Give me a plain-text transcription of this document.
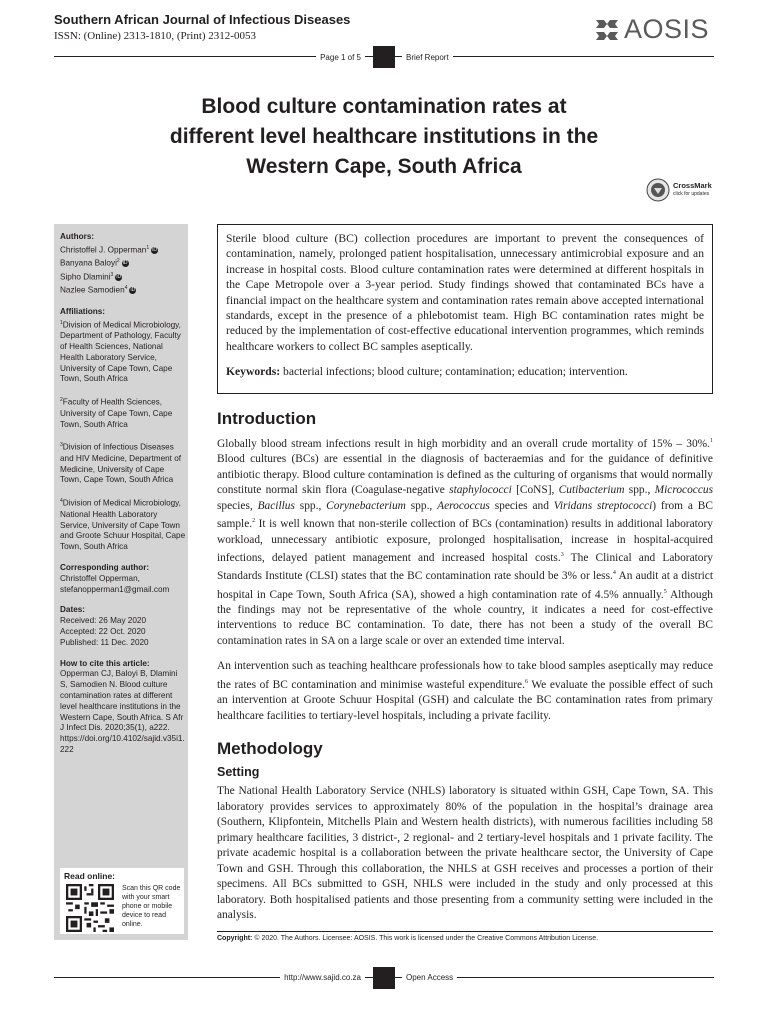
Southern African Journal of Infectious Diseases
ISSN: (Online) 2313-1810, (Print) 2312-0053	AOSIS
Page 1 of 5	Brief Report
Blood culture contamination rates at
different level healthcare institutions in the
Western Cape, South Africa
CrossMark
click for updates
Authors:
Christoffel J. Opperman$^1$ iD
Banyana Baloyi$^2$ iD
Sipho Dlamini$^3$ iD
Nazlee Samodien$^4$ iD
Affiliations:
$^1$Division of Medical Microbiology, Department of Pathology, Faculty of Health Sciences, National Health Laboratory Service, University of Cape Town, Cape Town, South Africa
$^2$Faculty of Health Sciences, University of Cape Town, Cape Town, South Africa
$^3$Division of Infectious Diseases and HIV Medicine, Department of Medicine, University of Cape Town, Cape Town, South Africa
$^4$Division of Medical Microbiology, National Health Laboratory Service, University of Cape Town and Groote Schuur Hospital, Cape Town, South Africa
Corresponding author:
Christoffel Opperman,
stefanopperman1@gmail.com
Dates:
Received: 26 May 2020
Accepted: 22 Oct. 2020
Published: 11 Dec. 2020
How to cite this article:
Opperman CJ, Baloyi B, Dlamini S, Samodien N. Blood culture contamination rates at different level healthcare institutions in the Western Cape, South Africa. S Afr J Infect Dis. 2020;35(1), a222. https://doi.org/10.4102/sajid.v35i1.222
Read online:
Scan this QR code with your smart phone or mobile device to read online.

Sterile blood culture (BC) collection procedures are important to prevent the consequences of contamination, namely, prolonged patient hospitalisation, unnecessary antimicrobial exposure and an increase in hospital costs. Blood culture contamination rates were determined at different hospitals in the Cape Metropole over a 3-year period. Study findings showed that contaminated BCs have a financial impact on the healthcare system and contamination rates remain above accepted international standards, except in the presence of a phlebotomist team. High BC contamination rates might be reduced by the implementation of cost-effective educational intervention programmes, which reminds healthcare workers to collect BC samples aseptically.

Keywords: bacterial infections; blood culture; contamination; education; intervention.

Introduction

Globally blood stream infections result in high morbidity and an overall crude mortality of 15% – 30%.$^1$ Blood cultures (BCs) are essential in the diagnosis of bacteraemias and for the guidance of definitive antibiotic therapy. Blood culture contamination is defined as the culturing of organisms that would normally constitute normal skin flora (Coagulase-negative staphylococci [CoNS], Cutibacterium spp., Micrococcus species, Bacillus spp., Corynebacterium spp., Aerococcus species and Viridans streptococci) from a BC sample.$^2$ It is well known that non-sterile collection of BCs (contamination) results in additional laboratory workload, unnecessary antibiotic exposure, prolonged hospitalisation, increase in hospital-acquired infections, delayed patient management and increased hospital costs.$^3$ The Clinical and Laboratory Standards Institute (CLSI) states that the BC contamination rate should be 3% or less.$^4$ An audit at a district hospital in Cape Town, South Africa (SA), showed a high contamination rate of 4.5% annually.$^5$ Although the findings may not be representative of the whole country, it indicates a need for cost-effective interventions to reduce BC contamination. To date, there has not been a study of the overall BC contamination rates in SA on a large scale or over an extended time interval.

An intervention such as teaching healthcare professionals how to take blood samples aseptically may reduce the rates of BC contamination and minimise wasteful expenditure.$^6$ We evaluate the possible effect of such an intervention at Groote Schuur Hospital (GSH) and calculate the BC contamination rates from primary healthcare facilities to tertiary-level hospitals, including a private facility.

Methodology
Setting

The National Health Laboratory Service (NHLS) laboratory is situated within GSH, Cape Town, SA. This laboratory provides services to approximately 80% of the population in the hospital’s drainage area (Southern, Klipfontein, Mitchells Plain and Western health districts), with numerous facilities including 58 primary healthcare facilities, 3 district-, 2 regional- and 2 tertiary-level hospitals and 1 private facility. The private academic hospital is a collaboration between the private healthcare sector, the University of Cape Town and GSH. Through this collaboration, the NHLS at GSH receives and processes a portion of their specimens. All BCs submitted to GSH, NHLS were included in the study and only processed at this laboratory. Both hospitalised patients and those presenting from a community setting were included in the analysis.

Copyright: © 2020. The Authors. Licensee: AOSIS. This work is licensed under the Creative Commons Attribution License.
http://www.sajid.co.za	Open Access
